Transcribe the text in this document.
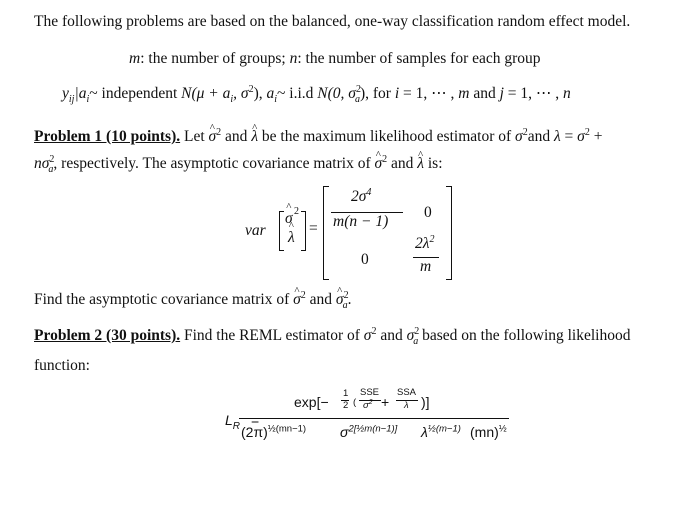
The following problems are based on the balanced, one-way classification random effect model.
m: the number of groups; n: the number of samples for each group
$y_{ij}|a_i\sim$ independent $N(\mu + a_i$, $\sigma^2$), $a_i\sim$ i.i.d N(0, $\sigma^2_a$), for i = 1, ⋯ , m and j = 1, ⋯ , n
Problem 1 (10 points). Let ^ $\sigma^2$ and ^ λ be the maximum likelihood estimator of $\sigma^2and$ $\lambda = \sigma^2$ +
$n\sigma^2_a$, respectively. The asymptotic covariance matrix of ^ $\sigma^2$ and ^ λ is:
var
^ σ 2
^ λ
=
$2\sigma^4$
m(n − 1)
0
0
$2\lambda^2$
m
Find the asymptotic covariance matrix of ^ $\sigma^2$ and ^ $\sigma^2_a$.
Problem 2 (30 points). Find the REML estimator of $\sigma^2$ and $\sigma^2_a$ based on the following likelihood
function:
$L_R$ =
exp[−
1
2 (
SSE
$\sigma^2$ +
SSA
λ )]
$(2\pi)^{\frac{1}{2}(mn-1)}$ $\sigma^{2[\frac{1}{2}m(n-1)]}$ $\lambda^{\frac{1}{2}(m-1)}$ (mn)$^{\frac{1}{2}}$
